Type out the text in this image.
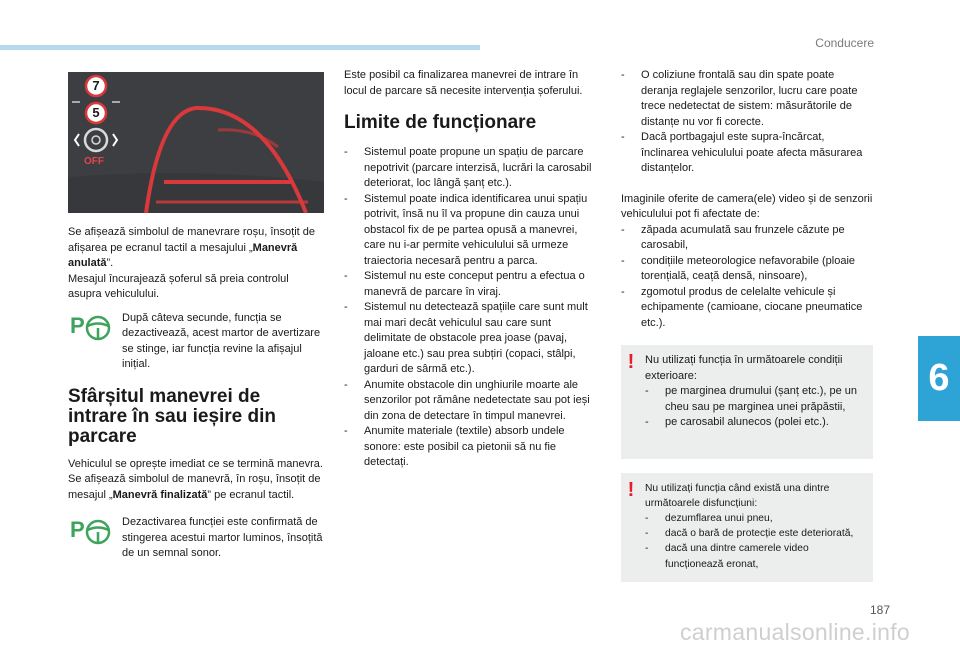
Conducere
6
187
carmanualsonline.info
7
5
OFF

Se afișează simbolul de manevrare roșu, însoțit de afișarea pe ecranul tactil a mesajului „Manevră anulată”.

Mesajul încurajează șoferul să preia controlul asupra vehiculului.

P	După câteva secunde, funcția se dezactivează, acest martor de avertizare se stinge, iar funcția revine la afișajul inițial.
Sfârșitul manevrei de intrare în sau ieșire din parcare

Vehiculul se oprește imediat ce se termină manevra.

Se afișează simbolul de manevră, în roșu, însoțit de mesajul „Manevră finalizată” pe ecranul tactil.

P	Dezactivarea funcției este confirmată de stingerea acestui martor luminos, însoțită de un semnal sonor.

Este posibil ca finalizarea manevrei de intrare în locul de parcare să necesite intervenția șoferului.

Limite de funcționare
- Sistemul poate propune un spațiu de parcare nepotrivit (parcare interzisă, lucrări la carosabil deteriorat, loc lângă șanț etc.).
- Sistemul poate indica identificarea unui spațiu potrivit, însă nu îl va propune din cauza unui obstacol fix de pe partea opusă a manevrei, care nu i-ar permite vehiculului să urmeze traiectoria necesară pentru a parca.
- Sistemul nu este conceput pentru a efectua o manevră de parcare în viraj.
- Sistemul nu detectează spațiile care sunt mult mai mari decât vehiculul sau care sunt delimitate de obstacole prea joase (pavaj, jaloane etc.) sau prea subțiri (copaci, stâlpi, garduri de sârmă etc.).
- Anumite obstacole din unghiurile moarte ale senzorilor pot rămâne nedetectate sau pot ieși din zona de detectare în timpul manevrei.
- Anumite materiale (textile) absorb undele sonore: este posibil ca pietonii să nu fie detectați.
- O coliziune frontală sau din spate poate deranja reglajele senzorilor, lucru care poate trece nedetectat de sistem: măsurătorile de distanțe nu vor fi corecte.
- Dacă portbagajul este supra-încărcat, înclinarea vehiculului poate afecta măsurarea distanțelor.

Imaginile oferite de camera(ele) video și de senzorii vehiculului pot fi afectate de:

- zăpada acumulată sau frunzele căzute pe carosabil,
- condițiile meteorologice nefavorabile (ploaie torențială, ceață densă, ninsoare),
- zgomotul produs de celelalte vehicule și echipamente (camioane, ciocane pneumatice etc.).
! Nu utilizați funcția în următoarele condiții exterioare:

- pe marginea drumului (șanț etc.), pe un cheu sau pe marginea unei prăpăstii,
- pe carosabil alunecos (polei etc.).
!	Nu utilizați funcția când există una dintre următoarele disfuncțiuni:

- dezumflarea unui pneu,
- dacă o bară de protecție este deteriorată,
- dacă una dintre camerele video funcționează eronat,
